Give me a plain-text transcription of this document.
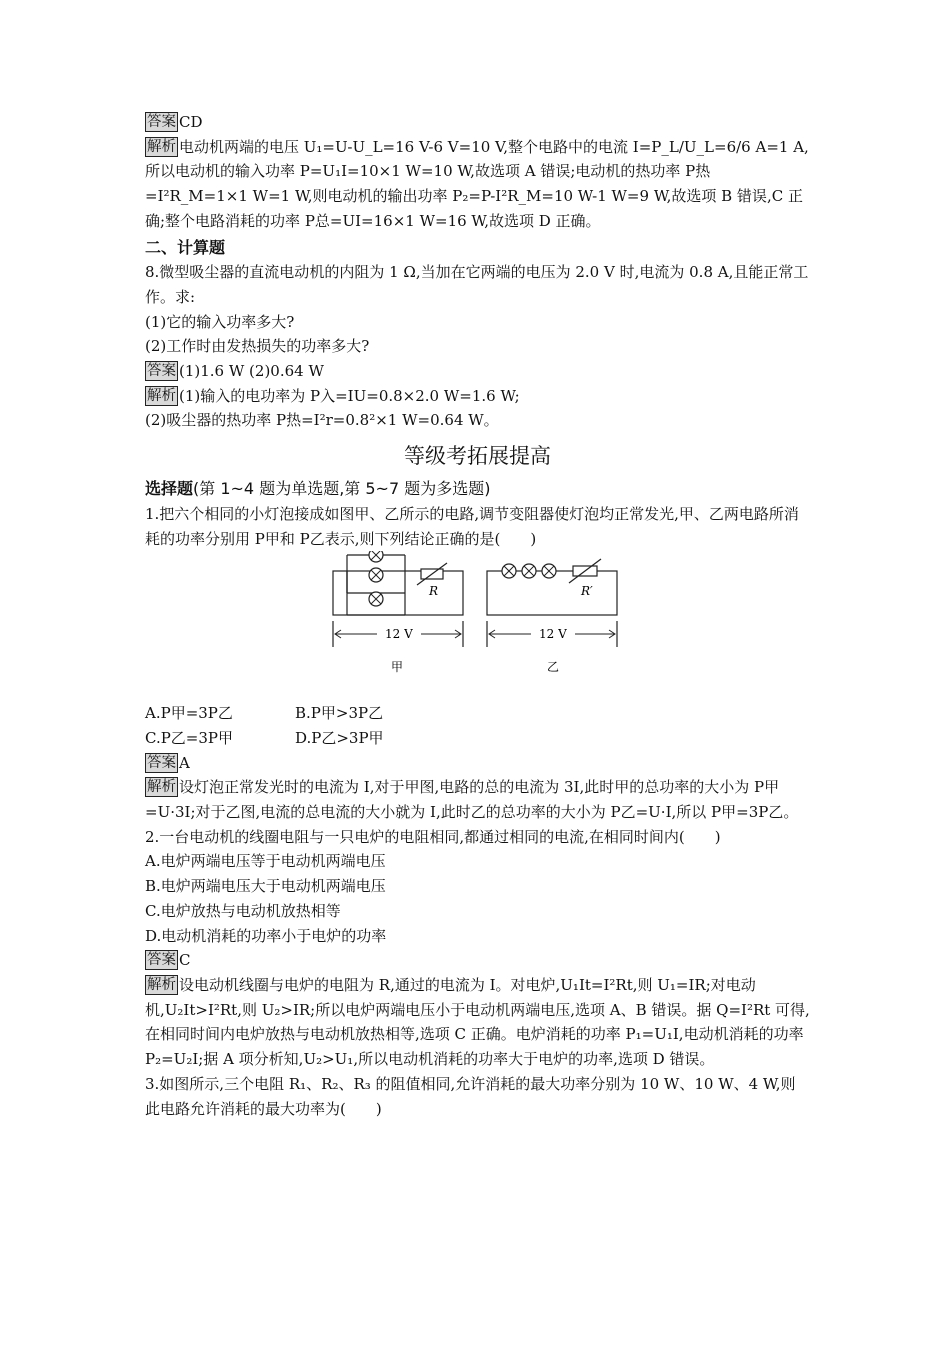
答案 CD

解析 电动机两端的电压 U₁=U-U_L=16 V-6 V=10 V,整个电路中的电流 I=P_L/U_L=6/6 A=1 A,所以电动机的输入功率 P=U₁I=10×1 W=10 W,故选项 A 错误;电动机的热功率 P热=I²R_M=1×1 W=1 W,则电动机的输出功率 P₂=P-I²R_M=10 W-1 W=9 W,故选项 B 错误,C 正确;整个电路消耗的功率 P总=UI=16×1 W=16 W,故选项 D 正确。

二、计算题

8.微型吸尘器的直流电动机的内阻为 1 Ω,当加在它两端的电压为 2.0 V 时,电流为 0.8 A,且能正常工作。求:

(1)它的输入功率多大?

(2)工作时由发热损失的功率多大?

答案 (1)1.6 W (2)0.64 W

解析 (1)输入的电功率为 P入=IU=0.8×2.0 W=1.6 W;

(2)吸尘器的热功率 P热=I²r=0.8²×1 W=0.64 W。

等级考拓展提高

选择题(第 1~4 题为单选题,第 5~7 题为多选题)

1.把六个相同的小灯泡接成如图甲、乙所示的电路,调节变阻器使灯泡均正常发光,甲、乙两电路所消耗的功率分别用 P甲和 P乙表示,则下列结论正确的是(　　)

R	R′
12 V	12 V
甲	乙
A.P甲=3P乙	B.P甲>3P乙
C.P乙=3P甲	D.P乙>3P甲

答案 A

解析 设灯泡正常发光时的电流为 I,对于甲图,电路的总的电流为 3I,此时甲的总功率的大小为 P甲=U·3I;对于乙图,电流的总电流的大小就为 I,此时乙的总功率的大小为 P乙=U·I,所以 P甲=3P乙。

2.一台电动机的线圈电阻与一只电炉的电阻相同,都通过相同的电流,在相同时间内(　　)

A.电炉两端电压等于电动机两端电压

B.电炉两端电压大于电动机两端电压

C.电炉放热与电动机放热相等

D.电动机消耗的功率小于电炉的功率

答案 C

解析 设电动机线圈与电炉的电阻为 R,通过的电流为 I。对电炉,U₁It=I²Rt,则 U₁=IR;对电动机,U₂It>I²Rt,则 U₂>IR;所以电炉两端电压小于电动机两端电压,选项 A、B 错误。据 Q=I²Rt 可得,在相同时间内电炉放热与电动机放热相等,选项 C 正确。电炉消耗的功率 P₁=U₁I,电动机消耗的功率 P₂=U₂I;据 A 项分析知,U₂>U₁,所以电动机消耗的功率大于电炉的功率,选项 D 错误。

3.如图所示,三个电阻 R₁、R₂、R₃ 的阻值相同,允许消耗的最大功率分别为 10 W、10 W、4 W,则此电路允许消耗的最大功率为(　　)
